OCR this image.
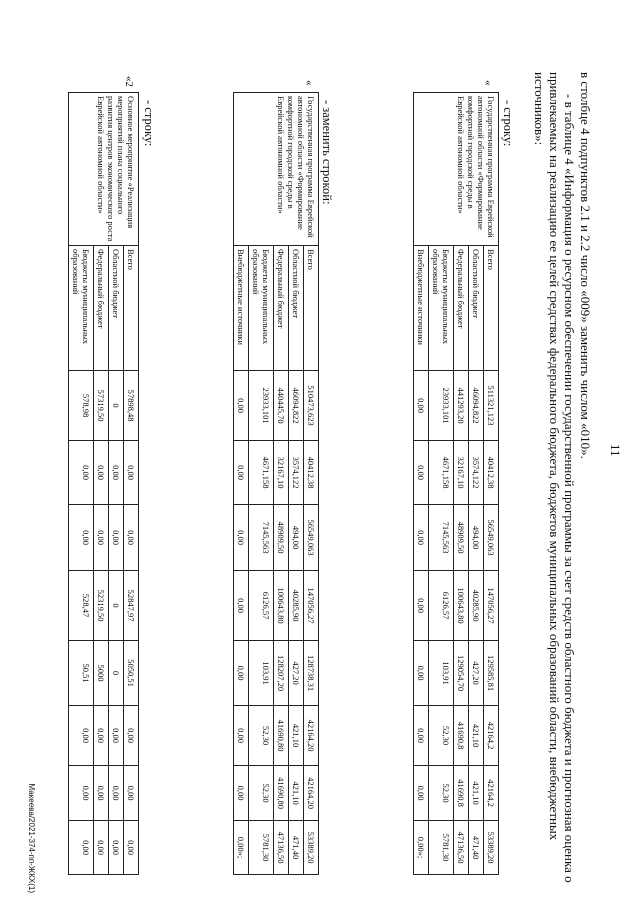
11
в столбце 4 подпунктов 2.1 и 2.2 число «009» заменить числом «010».
- в таблице 4 «Информация о ресурсном обеспечении государственной программы за счет средств областного бюджета и прогнозная оценка о привлекаемых на реализацию ее целей средствах федерального бюджета, бюджетов муниципальных образований области, внебюджетных источников»:
- строку:
«
Государственная программа Еврейской автономной области «Формирование комфортной городской среды в Еврейской автономной области»	Всего	511321,123	40412,38	56549,063	147056,27	129585,81	42164,2	42164,2	53389,20
	Областной бюджет	46094,822	3574,122	494,00	40285,90	427,20	421,10	421,10	471,40
	Федеральный бюджет	441293,20	32167,10	48909,50	100643,80	129054,70	41690,8	41690,8	47136,50
	Бюджеты муниципальных образований	23933,101	4671,158	7145,563	6126,57	103,91	52,30	52,30	5781,30
	Внебюджетные источники	0,00	0,00	0,00	0,00	0,00	0,00	0,00	0,00»;
- заменить строкой:
«
Государственная программа Еврейской автономной области «Формирование комфортной городской среды в Еврейской автономной области»	Всего	510473,623	40412,38	56549,063	147056,27	128738,31	42164,20	42164,20	53389,20
	Областной бюджет	46094,822	3574,122	494,00	40285,90	427,20	421,10	421,10	471,40
	Федеральный бюджет	440445,70	32167,10	48909,50	100643,80	128207,20	41690,80	41690,80	47136,50
	Бюджеты муниципальных образований	23933,101	4671,158	7145,563	6126,57	103,91	52,30	52,30	5781,30
	Внебюджетные источники	0,00	0,00	0,00	0,00	0,00	0,00	0,00	0,00»;
- строку:
«2
Основное мероприятие «Реализация мероприятий плана социального развития центров экономического роста Еврейской автономной области»	Всего	57898,48	0,00	0,00	52847,97	5050,51	0,00	0,00	0,00
	Областной бюджет	0	0,00	0,00	0	0	0,00	0,00	0,00
	Федеральный бюджет	57319,50	0,00	0,00	52319,50	5000	0,00	0,00	0,00
	Бюджеты муниципальных образований	578,98	0,00	0,00	528,47	50,51	0,00	0,00	0,00
Макеева/2021-374-пп-ЖКХ(1)
